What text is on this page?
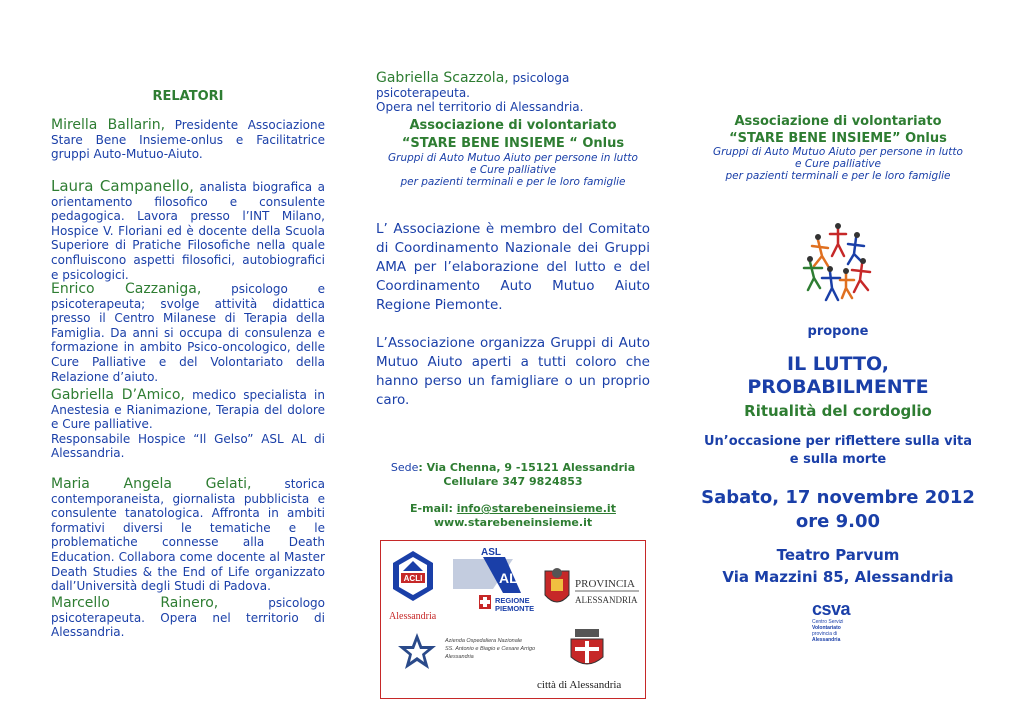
RELATORI
Mirella Ballarin, Presidente Associazione Stare Bene Insieme-onlus e Facilitatrice gruppi Auto-Mutuo-Aiuto.
Laura Campanello, analista biografica a orientamento filosofico e consulente pedagogica. Lavora presso l’INT Milano, Hospice V. Floriani ed è docente della Scuola Superiore di Pratiche Filosofiche nella quale confluiscono aspetti filosofici, autobiografici e psicologici.
Enrico Cazzaniga, psicologo e psicoterapeuta; svolge attività didattica presso il Centro Milanese di Terapia della Famiglia. Da anni si occupa di consulenza e formazione in ambito Psico-oncologico, delle Cure Palliative e del Volontariato della Relazione d’aiuto.
Gabriella D’Amico, medico specialista in Anestesia e Rianimazione, Terapia del dolore e Cure palliative.
Responsabile Hospice “Il Gelso” ASL AL di Alessandria.
Maria Angela Gelati, storica contemporaneista, giornalista pubblicista e consulente tanatologica. Affronta in ambiti formativi diversi le tematiche e le problematiche connesse alla Death Education. Collabora come docente al Master Death Studies & the End of Life organizzato dall’Università degli Studi di Padova.
Marcello Rainero, psicologo psicoterapeuta. Opera nel territorio di Alessandria.
Gabriella Scazzola, psicologa psicoterapeuta.
Opera nel territorio di Alessandria.
Associazione di volontariato
“STARE BENE INSIEME “ Onlus
Gruppi di Auto Mutuo Aiuto per persone in lutto
e Cure palliative
per pazienti terminali e per le loro famiglie
L’ Associazione è membro del Comitato di Coordinamento Nazionale dei Gruppi AMA per l’elaborazione del lutto e del Coordinamento Auto Mutuo Aiuto Regione Piemonte.
L’Associazione organizza Gruppi di Auto Mutuo Aiuto aperti a tutti coloro che hanno perso un famigliare o un proprio caro.
Sede: Via Chenna, 9 -15121 Alessandria
Cellulare 347 9824853
E-mail: info@starebeneinsieme.it
www.starebeneinsieme.it
ACLI
Alessandria
ASL
AL
REGIONE
PIEMONTE
PROVINCIA
ALESSANDRIA
Azienda Ospedaliera Nazionale
SS. Antonio e Biagio e Cesare Arrigo
Alessandria
città di Alessandria
Associazione di volontariato
“STARE BENE INSIEME” Onlus
Gruppi di Auto Mutuo Aiuto per persone in lutto
e Cure palliative
per pazienti terminali e per le loro famiglie
propone
IL LUTTO,
PROBABILMENTE
Ritualità del cordoglio
Un’occasione per riflettere sulla vita
e sulla morte
Sabato, 17 novembre 2012
ore 9.00
Teatro Parvum
Via Mazzini 85, Alessandria
csva
Centro Servizi
Volontariato
provincia di
Alessandria
